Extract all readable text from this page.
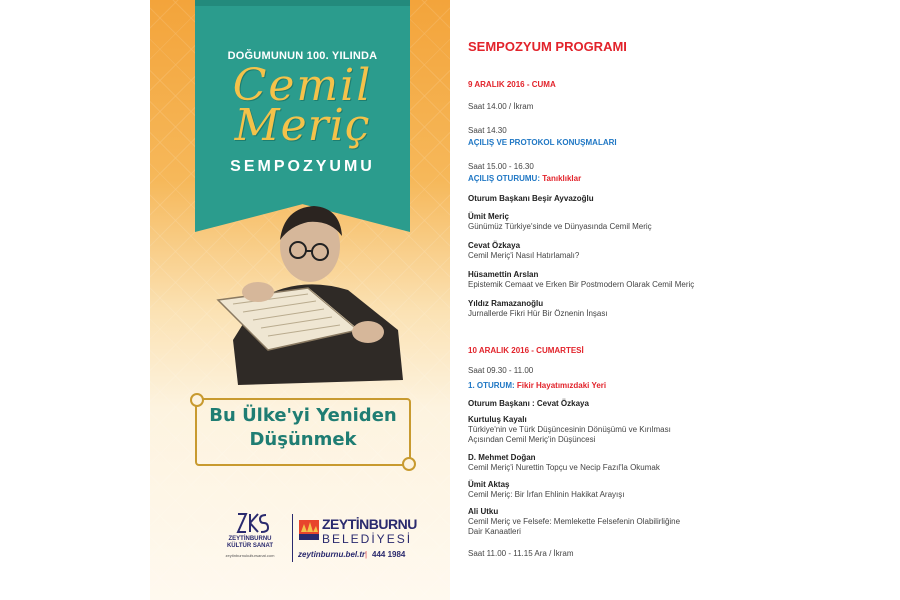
DOĞUMUNUN 100. YILINDA
Cemil
Meriç
SEMPOZYUMU
Bu Ülke'yi Yeniden
Düşünmek
ZEYTİNBURNU
KÜLTÜR SANAT
zeytinburnukultursanat.com
ZEYTİNBURNU
BELEDİYESİ
zeytinburnu.bel.tr | 444 1984
SEMPOZYUM PROGRAMI
9 ARALIK 2016 - CUMA
Saat 14.00 / İkram
Saat 14.30
AÇILIŞ VE PROTOKOL KONUŞMALARI
Saat 15.00 - 16.30
AÇILIŞ OTURUMU: Tanıklıklar
Oturum Başkanı Beşir Ayvazoğlu
Ümit Meriç
Günümüz Türkiye'sinde ve Dünyasında Cemil Meriç
Cevat Özkaya
Cemil Meriç'i Nasıl Hatırlamalı?
Hüsamettin Arslan
Epistemik Cemaat ve Erken Bir Postmodern Olarak Cemil Meriç
Yıldız Ramazanoğlu
Jurnallerde Fikri Hür Bir Öznenin İnşası
10 ARALIK 2016 - CUMARTESİ
Saat 09.30 - 11.00
1. OTURUM: Fikir Hayatımızdaki Yeri
Oturum Başkanı : Cevat Özkaya
Kurtuluş Kayalı
Türkiye'nin ve Türk Düşüncesinin Dönüşümü ve Kırılması
Açısından Cemil Meriç'in Düşüncesi
D. Mehmet Doğan
Cemil Meriç'i Nurettin Topçu ve Necip Fazıl'la Okumak
Ümit Aktaş
Cemil Meriç: Bir İrfan Ehlinin Hakikat Arayışı
Ali Utku
Cemil Meriç ve Felsefe: Memlekette Felsefenin Olabilirliğine
Dair Kanaatleri
Saat 11.00 - 11.15 Ara / İkram
